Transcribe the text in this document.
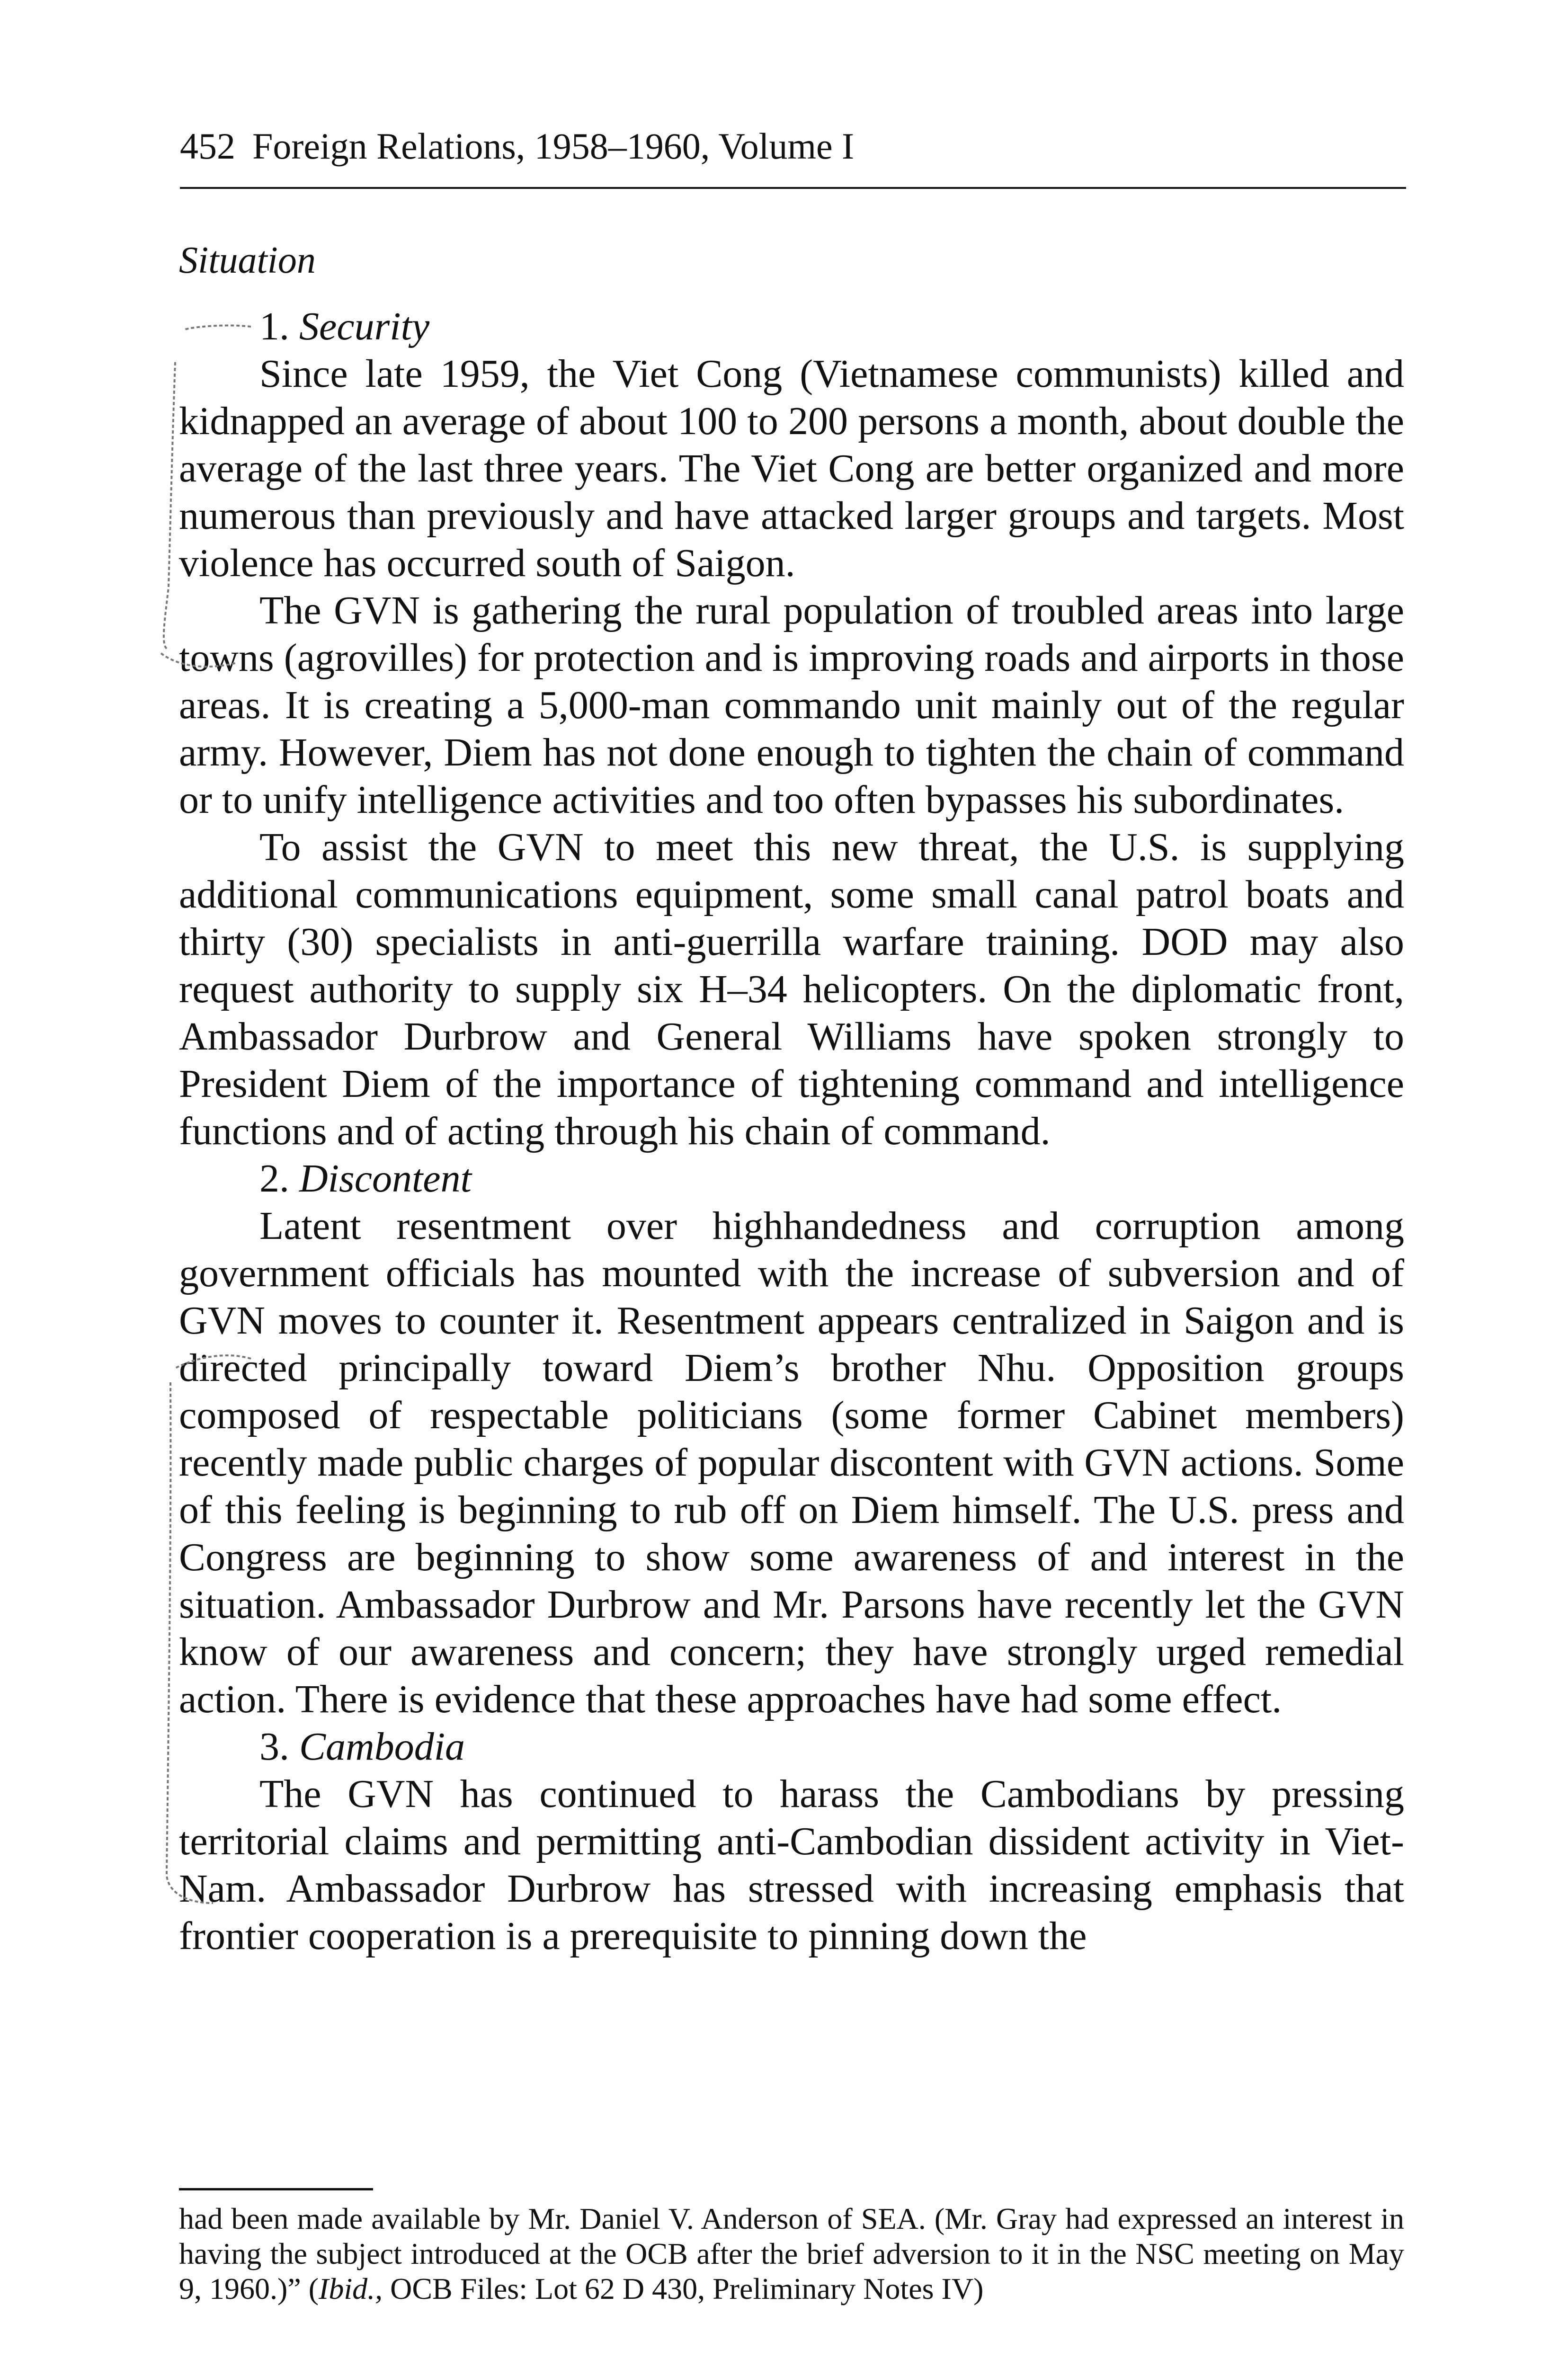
452 Foreign Relations, 1958–1960, Volume I
Situation
1. Security

Since late 1959, the Viet Cong (Vietnamese communists) killed and kidnapped an average of about 100 to 200 persons a month, about double the average of the last three years. The Viet Cong are better organized and more numerous than previously and have attacked larger groups and targets. Most violence has occurred south of Saigon.

The GVN is gathering the rural population of troubled areas into large towns (agrovilles) for protection and is improving roads and airports in those areas. It is creating a 5,000-man commando unit mainly out of the regular army. However, Diem has not done enough to tighten the chain of command or to unify intelligence activities and too often bypasses his subordinates.

To assist the GVN to meet this new threat, the U.S. is supplying additional communications equipment, some small canal patrol boats and thirty (30) specialists in anti-guerrilla warfare training. DOD may also request authority to supply six H–34 helicopters. On the diplomatic front, Ambassador Durbrow and General Williams have spoken strongly to President Diem of the importance of tightening command and intelligence functions and of acting through his chain of command.

2. Discontent

Latent resentment over highhandedness and corruption among government officials has mounted with the increase of subversion and of GVN moves to counter it. Resentment appears centralized in Saigon and is directed principally toward Diem’s brother Nhu. Opposition groups composed of respectable politicians (some former Cabinet members) recently made public charges of popular discontent with GVN actions. Some of this feeling is beginning to rub off on Diem himself. The U.S. press and Congress are beginning to show some awareness of and interest in the situation. Ambassador Durbrow and Mr. Parsons have recently let the GVN know of our awareness and concern; they have strongly urged remedial action. There is evidence that these approaches have had some effect.

3. Cambodia

The GVN has continued to harass the Cambodians by pressing territorial claims and permitting anti-Cambodian dissident activity in Viet-Nam. Ambassador Durbrow has stressed with increasing emphasis that frontier cooperation is a prerequisite to pinning down the

had been made available by Mr. Daniel V. Anderson of SEA. (Mr. Gray had expressed an interest in having the subject introduced at the OCB after the brief adversion to it in the NSC meeting on May 9, 1960.)” (Ibid., OCB Files: Lot 62 D 430, Preliminary Notes IV)
